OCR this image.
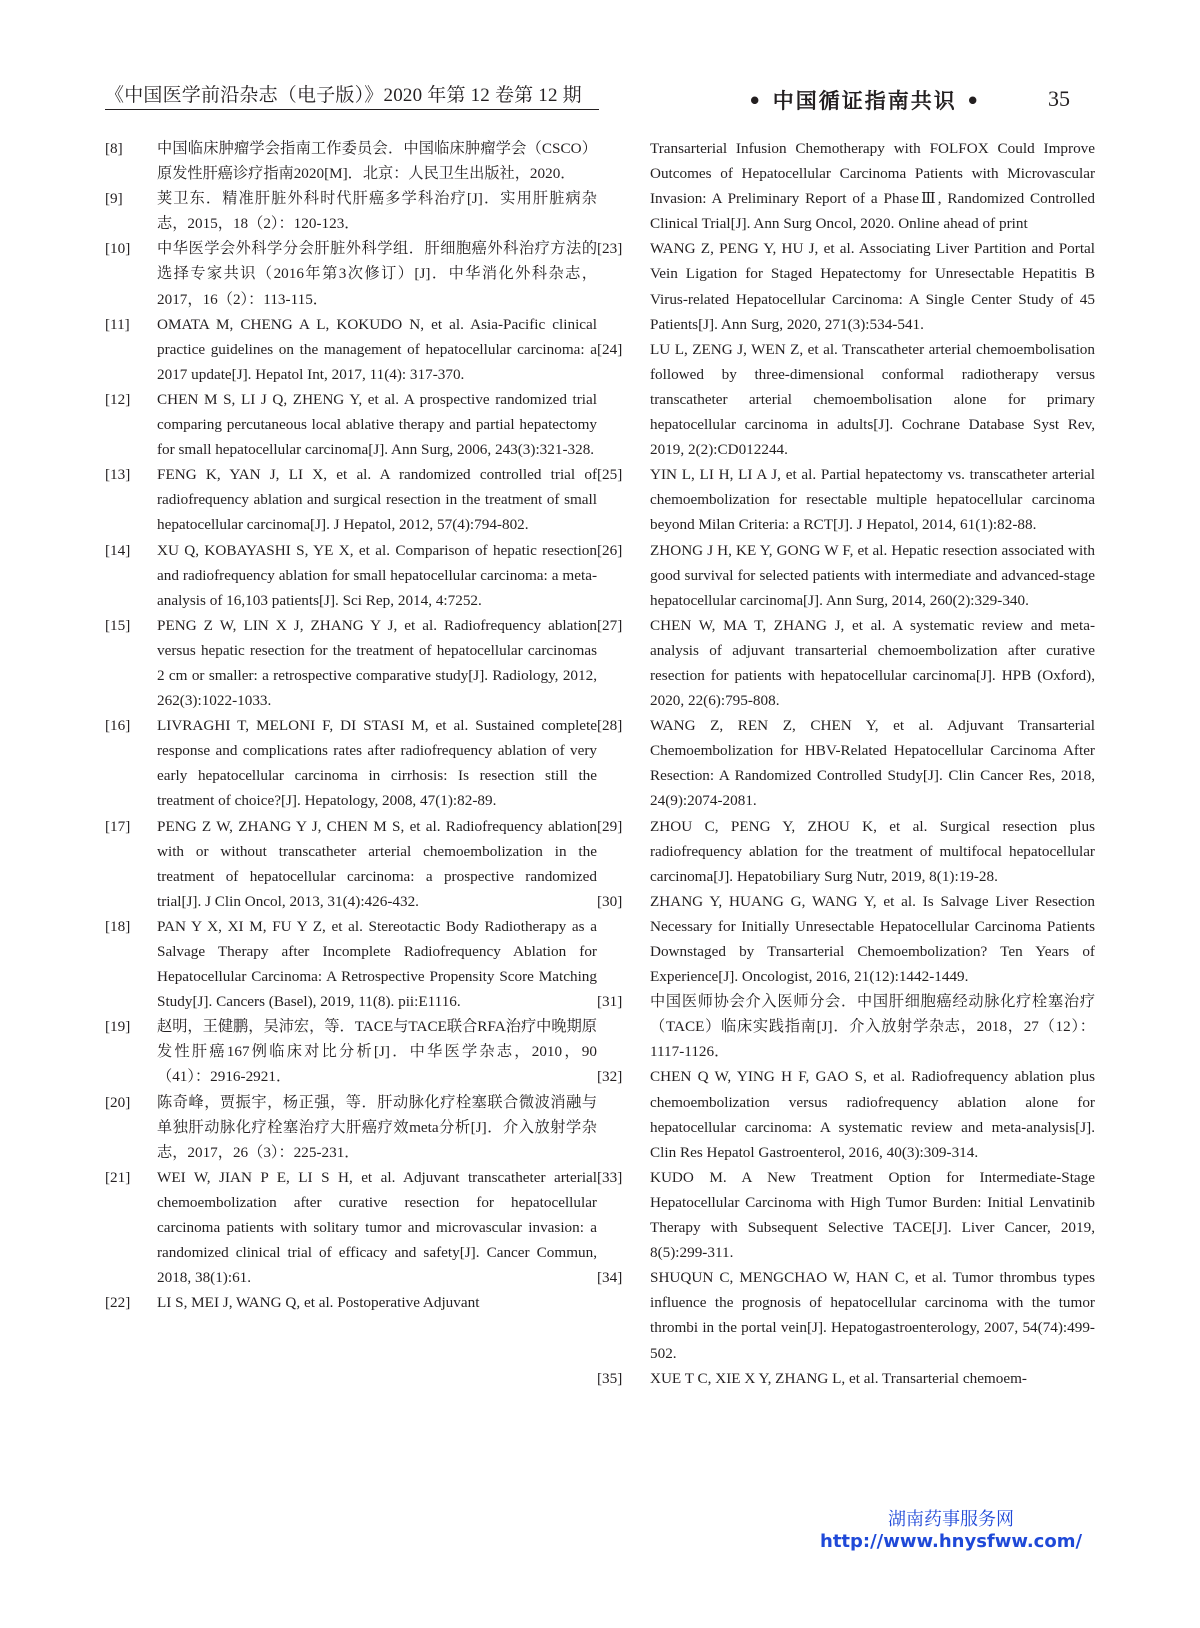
《中国医学前沿杂志（电子版）》2020 年第 12 卷第 12 期	• 中国循证指南共识 •	35
[8]	中国临床肿瘤学会指南工作委员会．中国临床肿瘤学会（CSCO）原发性肝癌诊疗指南2020[M]．北京：人民卫生出版社，2020．
[9]	荚卫东．精准肝脏外科时代肝癌多学科治疗[J]．实用肝脏病杂志，2015，18（2）：120-123．
[10]	中华医学会外科学分会肝脏外科学组．肝细胞癌外科治疗方法的选择专家共识（2016年第3次修订）[J]．中华消化外科杂志，2017，16（2）：113-115．
[11]	OMATA M, CHENG A L, KOKUDO N, et al. Asia-Pacific clinical practice guidelines on the management of hepatocellular carcinoma: a 2017 update[J]. Hepatol Int, 2017, 11(4): 317-370.
[12]	CHEN M S, LI J Q, ZHENG Y, et al. A prospective randomized trial comparing percutaneous local ablative therapy and partial hepatectomy for small hepatocellular carcinoma[J]. Ann Surg, 2006, 243(3):321-328.
[13]	FENG K, YAN J, LI X, et al. A randomized controlled trial of radiofrequency ablation and surgical resection in the treatment of small hepatocellular carcinoma[J]. J Hepatol, 2012, 57(4):794-802.
[14]	XU Q, KOBAYASHI S, YE X, et al. Comparison of hepatic resection and radiofrequency ablation for small hepatocellular carcinoma: a meta-analysis of 16,103 patients[J]. Sci Rep, 2014, 4:7252.
[15]	PENG Z W, LIN X J, ZHANG Y J, et al. Radiofrequency ablation versus hepatic resection for the treatment of hepatocellular carcinomas 2 cm or smaller: a retrospective comparative study[J]. Radiology, 2012, 262(3):1022-1033.
[16]	LIVRAGHI T, MELONI F, DI STASI M, et al. Sustained complete response and complications rates after radiofrequency ablation of very early hepatocellular carcinoma in cirrhosis: Is resection still the treatment of choice?[J]. Hepatology, 2008, 47(1):82-89.
[17]	PENG Z W, ZHANG Y J, CHEN M S, et al. Radiofrequency ablation with or without transcatheter arterial chemoembolization in the treatment of hepatocellular carcinoma: a prospective randomized trial[J]. J Clin Oncol, 2013, 31(4):426-432.
[18]	PAN Y X, XI M, FU Y Z, et al. Stereotactic Body Radiotherapy as a Salvage Therapy after Incomplete Radiofrequency Ablation for Hepatocellular Carcinoma: A Retrospective Propensity Score Matching Study[J]. Cancers (Basel), 2019, 11(8). pii:E1116.
[19]	赵明，王健鹏，吴沛宏，等．TACE与TACE联合RFA治疗中晚期原发性肝癌167例临床对比分析[J]．中华医学杂志，2010，90（41）：2916-2921．
[20]	陈奇峰，贾振宇，杨正强，等．肝动脉化疗栓塞联合微波消融与单独肝动脉化疗栓塞治疗大肝癌疗效meta分析[J]．介入放射学杂志，2017，26（3）：225-231．
[21]	WEI W, JIAN P E, LI S H, et al. Adjuvant transcatheter arterial chemoembolization after curative resection for hepatocellular carcinoma patients with solitary tumor and microvascular invasion: a randomized clinical trial of efficacy and safety[J]. Cancer Commun, 2018, 38(1):61.
[22]	LI S, MEI J, WANG Q, et al. Postoperative Adjuvant
Transarterial Infusion Chemotherapy with FOLFOX Could Improve Outcomes of Hepatocellular Carcinoma Patients with Microvascular Invasion: A Preliminary Report of a PhaseⅢ, Randomized Controlled Clinical Trial[J]. Ann Surg Oncol, 2020. Online ahead of print
[23]	WANG Z, PENG Y, HU J, et al. Associating Liver Partition and Portal Vein Ligation for Staged Hepatectomy for Unresectable Hepatitis B Virus-related Hepatocellular Carcinoma: A Single Center Study of 45 Patients[J]. Ann Surg, 2020, 271(3):534-541.
[24]	LU L, ZENG J, WEN Z, et al. Transcatheter arterial chemoembolisation followed by three-dimensional conformal radiotherapy versus transcatheter arterial chemoembolisation alone for primary hepatocellular carcinoma in adults[J]. Cochrane Database Syst Rev, 2019, 2(2):CD012244.
[25]	YIN L, LI H, LI A J, et al. Partial hepatectomy vs. transcatheter arterial chemoembolization for resectable multiple hepatocellular carcinoma beyond Milan Criteria: a RCT[J]. J Hepatol, 2014, 61(1):82-88.
[26]	ZHONG J H, KE Y, GONG W F, et al. Hepatic resection associated with good survival for selected patients with intermediate and advanced-stage hepatocellular carcinoma[J]. Ann Surg, 2014, 260(2):329-340.
[27]	CHEN W, MA T, ZHANG J, et al. A systematic review and meta-analysis of adjuvant transarterial chemoembolization after curative resection for patients with hepatocellular carcinoma[J]. HPB (Oxford), 2020, 22(6):795-808.
[28]	WANG Z, REN Z, CHEN Y, et al. Adjuvant Transarterial Chemoembolization for HBV-Related Hepatocellular Carcinoma After Resection: A Randomized Controlled Study[J]. Clin Cancer Res, 2018, 24(9):2074-2081.
[29]	ZHOU C, PENG Y, ZHOU K, et al. Surgical resection plus radiofrequency ablation for the treatment of multifocal hepatocellular carcinoma[J]. Hepatobiliary Surg Nutr, 2019, 8(1):19-28.
[30]	ZHANG Y, HUANG G, WANG Y, et al. Is Salvage Liver Resection Necessary for Initially Unresectable Hepatocellular Carcinoma Patients Downstaged by Transarterial Chemoembolization? Ten Years of Experience[J]. Oncologist, 2016, 21(12):1442-1449.
[31]	中国医师协会介入医师分会．中国肝细胞癌经动脉化疗栓塞治疗（TACE）临床实践指南[J]．介入放射学杂志，2018，27（12）：1117-1126．
[32]	CHEN Q W, YING H F, GAO S, et al. Radiofrequency ablation plus chemoembolization versus radiofrequency ablation alone for hepatocellular carcinoma: A systematic review and meta-analysis[J]. Clin Res Hepatol Gastroenterol, 2016, 40(3):309-314.
[33]	KUDO M. A New Treatment Option for Intermediate-Stage Hepatocellular Carcinoma with High Tumor Burden: Initial Lenvatinib Therapy with Subsequent Selective TACE[J]. Liver Cancer, 2019, 8(5):299-311.
[34]	SHUQUN C, MENGCHAO W, HAN C, et al. Tumor thrombus types influence the prognosis of hepatocellular carcinoma with the tumor thrombi in the portal vein[J]. Hepatogastroenterology, 2007, 54(74):499-502.
[35]	XUE T C, XIE X Y, ZHANG L, et al. Transarterial chemoem-
湖南药事服务网
http://www.hnysfww.com/
